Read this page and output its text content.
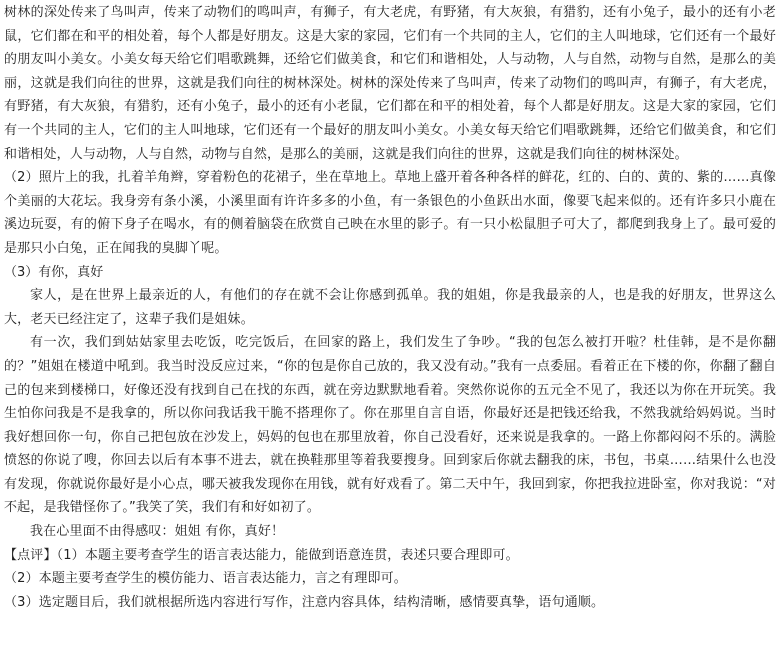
树林的深处传来了鸟叫声，传来了动物们的鸣叫声，有狮子，有大老虎，有野猪，有大灰狼，有猎豹，还有小兔子，最小的还有小老鼠，它们都在和平的相处着，每个人都是好朋友。这是大家的家园，它们有一个共同的主人，它们的主人叫地球，它们还有一个最好的朋友叫小美女。小美女每天给它们唱歌跳舞，还给它们做美食，和它们和谐相处，人与动物，人与自然，动物与自然，是那么的美丽，这就是我们向往的世界，这就是我们向往的树林深处。树林的深处传来了鸟叫声，传来了动物们的鸣叫声，有狮子，有大老虎，有野猪，有大灰狼，有猎豹，还有小兔子，最小的还有小老鼠，它们都在和平的相处着，每个人都是好朋友。这是大家的家园，它们有一个共同的主人，它们的主人叫地球，它们还有一个最好的朋友叫小美女。小美女每天给它们唱歌跳舞，还给它们做美食，和它们和谐相处，人与动物，人与自然，动物与自然，是那么的美丽，这就是我们向往的世界，这就是我们向往的树林深处。

（2）照片上的我，扎着羊角辫，穿着粉色的花裙子，坐在草地上。草地上盛开着各种各样的鲜花，红的、白的、黄的、紫的……真像个美丽的大花坛。我身旁有条小溪，小溪里面有许许多多的小鱼，有一条银色的小鱼跃出水面，像要飞起来似的。还有许多只小鹿在溪边玩耍，有的俯下身子在喝水，有的侧着脑袋在欣赏自己映在水里的影子。有一只小松鼠胆子可大了，都爬到我身上了。最可爱的是那只小白兔，正在闻我的臭脚丫呢。

（3）有你，真好

家人，是在世界上最亲近的人，有他们的存在就不会让你感到孤单。我的姐姐，你是我最亲的人，也是我的好朋友，世界这么大，老天已经注定了，这辈子我们是姐妹。

有一次，我们到姑姑家里去吃饭，吃完饭后，在回家的路上，我们发生了争吵。“我的包怎么被打开啦？杜佳韩，是不是你翻的？”姐姐在楼道中吼到。我当时没反应过来，“你的包是你自己放的，我又没有动。”我有一点委屈。看着正在下楼的你，你翻了翻自己的包来到楼梯口，好像还没有找到自己在找的东西，就在旁边默默地看着。突然你说你的五元全不见了，我还以为你在开玩笑。我生怕你问我是不是我拿的，所以你问我话我干脆不搭理你了。你在那里自言自语，你最好还是把钱还给我，不然我就给妈妈说。当时我好想回你一句，你自己把包放在沙发上，妈妈的包也在那里放着，你自己没看好，还来说是我拿的。一路上你都闷闷不乐的。满脸愤怒的你说了嗖，你回去以后有本事不进去，就在换鞋那里等着我要搜身。回到家后你就去翻我的床，书包，书桌……结果什么也没有发现，你就说你最好是小心点，哪天被我发现你在用钱，就有好戏看了。第二天中午，我回到家，你把我拉进卧室，你对我说：“对不起，是我错怪你了。”我笑了笑，我们有和好如初了。

我在心里面不由得感叹：姐姐 有你，真好！

【点评】（1）本题主要考查学生的语言表达能力，能做到语意连贯，表述只要合理即可。

（2）本题主要考查学生的模仿能力、语言表达能力，言之有理即可。

（3）选定题目后，我们就根据所选内容进行写作，注意内容具体，结构清晰，感情要真挚，语句通顺。
